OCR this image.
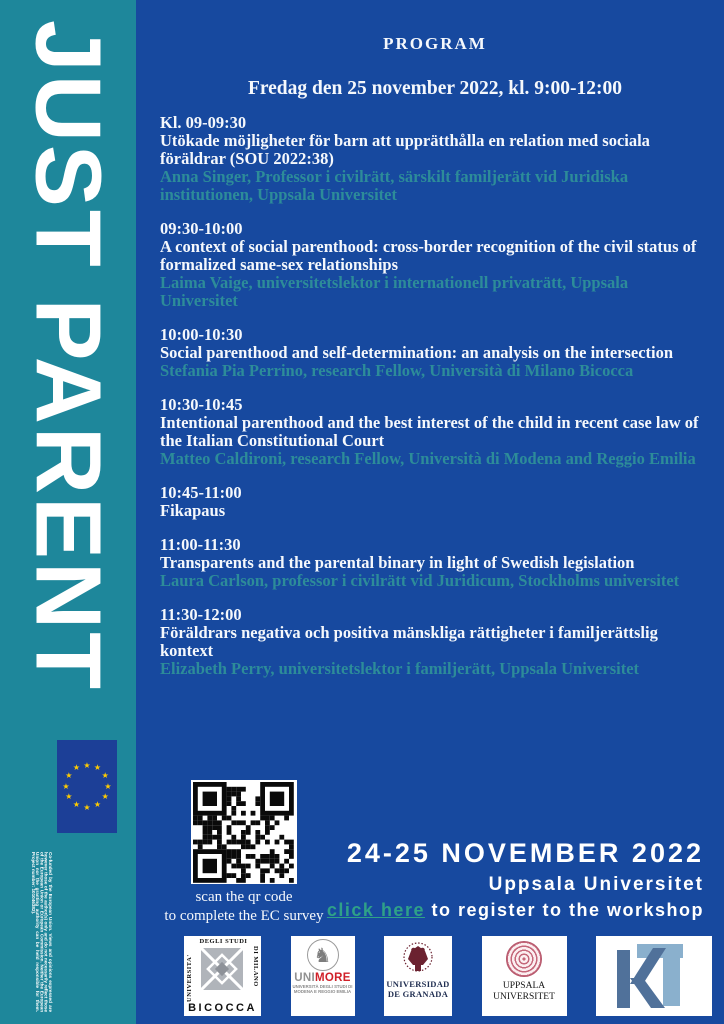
JUST PARENT
★ ★
★
★
★
★
★
★
★
★
★
★
Co-funded by the European Union. Views and opinions expressed are however those of the author(s) only and do not necessarily reflect those of the European Union or European Commission. Neither the European Union nor the granting authority can be held responsible for them. Project number: 101046382).
PROGRAM
Fredag den 25 november 2022, kl. 9:00-12:00
Kl. 09-09:30
Utökade möjligheter för barn att upprätthålla en relation med sociala föräldrar (SOU 2022:38)
Anna Singer, Professor i civilrätt, särskilt familjerätt vid Juridiska institutionen, Uppsala Universitet
09:30-10:00
A context of social parenthood: cross-border recognition of the civil status of formalized same-sex relationships
Laima Vaige, universitetslektor i internationell privaträtt, Uppsala Universitet
10:00-10:30
Social parenthood and self-determination: an analysis on the intersection
Stefania Pia Perrino, research Fellow, Università di Milano Bicocca
10:30-10:45
Intentional parenthood and the best interest of the child in recent case law of the Italian Constitutional Court
Matteo Caldironi, research Fellow, Università di Modena and Reggio Emilia
10:45-11:00
Fikapaus
11:00-11:30
Transparents and the parental binary in light of Swedish legislation
Laura Carlson, professor i civilrätt vid Juridicum, Stockholms universitet
11:30-12:00
Föräldrars negativa och positiva mänskliga rättigheter i familjerättslig kontext
Elizabeth Perry, universitetslektor i familjerätt, Uppsala Universitet
scan the qr code
to complete the EC survey
24-25 NOVEMBER 2022
Uppsala Universitet
click here to register to the workshop
DEGLI STUDI
UNIVERSITA'	DI MILANO
BICOCCA
♞
UNIMORE
UNIVERSITÀ DEGLI STUDI DI
MODENA E REGGIO EMILIA
UNIVERSIDAD
DE GRANADA
UPPSALA
UNIVERSITET
